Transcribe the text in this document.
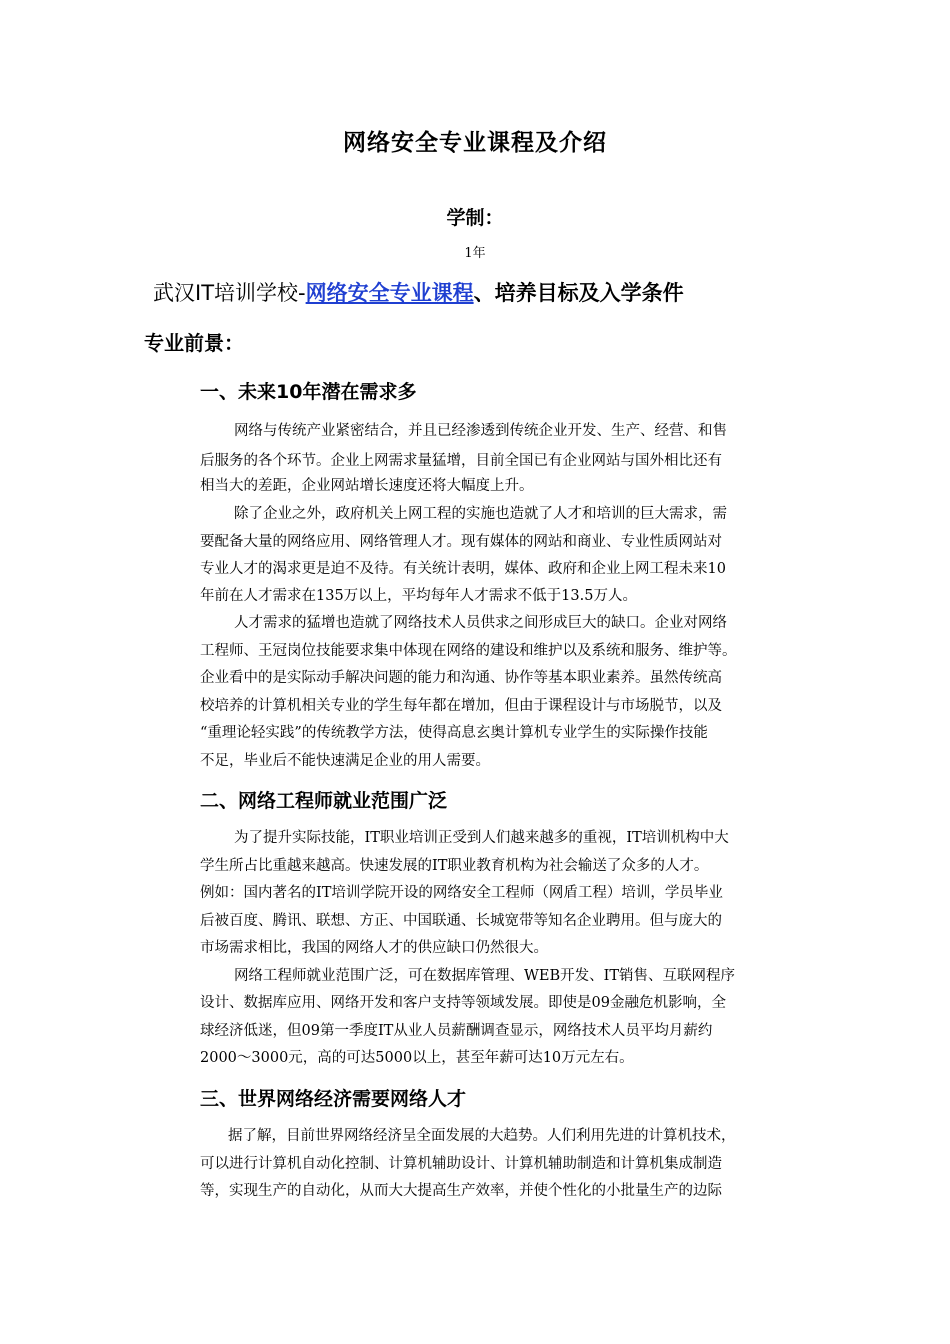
网络安全专业课程及介绍
学制：
1年
武汉IT培训学校-网络安全专业课程、培养目标及入学条件
专业前景：
一、未来10年潜在需求多
网络与传统产业紧密结合，并且已经渗透到传统企业开发、生产、经营、和售
后服务的各个环节。企业上网需求量猛增，目前全国已有企业网站与国外相比还有
相当大的差距，企业网站增长速度还将大幅度上升。
除了企业之外，政府机关上网工程的实施也造就了人才和培训的巨大需求，需
要配备大量的网络应用、网络管理人才。现有媒体的网站和商业、专业性质网站对
专业人才的渴求更是迫不及待。有关统计表明，媒体、政府和企业上网工程未来10
年前在人才需求在135万以上，平均每年人才需求不低于13.5万人。
人才需求的猛增也造就了网络技术人员供求之间形成巨大的缺口。企业对网络
工程师、王冠岗位技能要求集中体现在网络的建设和维护以及系统和服务、维护等。
企业看中的是实际动手解决问题的能力和沟通、协作等基本职业素养。虽然传统高
校培养的计算机相关专业的学生每年都在增加，但由于课程设计与市场脱节，以及
“重理论轻实践”的传统教学方法，使得高息玄奥计算机专业学生的实际操作技能
不足，毕业后不能快速满足企业的用人需要。
二、网络工程师就业范围广泛
为了提升实际技能，IT职业培训正受到人们越来越多的重视，IT培训机构中大
学生所占比重越来越高。快速发展的IT职业教育机构为社会输送了众多的人才。
例如：国内著名的IT培训学院开设的网络安全工程师（网盾工程）培训，学员毕业
后被百度、腾讯、联想、方正、中国联通、长城宽带等知名企业聘用。但与庞大的
市场需求相比，我国的网络人才的供应缺口仍然很大。
网络工程师就业范围广泛，可在数据库管理、WEB开发、IT销售、互联网程序
设计、数据库应用、网络开发和客户支持等领域发展。即使是09金融危机影响，全
球经济低迷，但09第一季度IT从业人员薪酬调查显示，网络技术人员平均月薪约
2000～3000元，高的可达5000以上，甚至年薪可达10万元左右。
三、世界网络经济需要网络人才
据了解，目前世界网络经济呈全面发展的大趋势。人们利用先进的计算机技术，
可以进行计算机自动化控制、计算机辅助设计、计算机辅助制造和计算机集成制造
等，实现生产的自动化，从而大大提高生产效率，并使个性化的小批量生产的边际
